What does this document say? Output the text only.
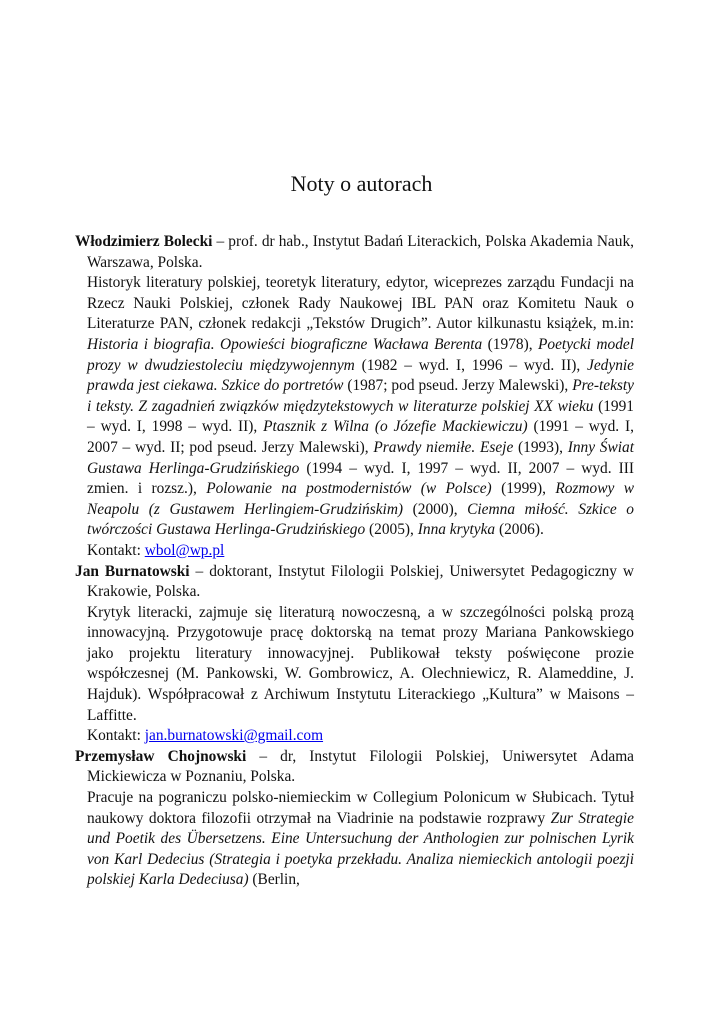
Noty o autorach

Włodzimierz Bolecki – prof. dr hab., Instytut Badań Literackich, Polska Akademia Nauk, Warszawa, Polska.

Historyk literatury polskiej, teoretyk literatury, edytor, wiceprezes zarządu Fundacji na Rzecz Nauki Polskiej, członek Rady Naukowej IBL PAN oraz Komitetu Nauk o Literaturze PAN, członek redakcji „Tekstów Drugich”. Autor kilkunastu książek, m.in: Historia i biografia. Opowieści biograficzne Wacława Berenta (1978), Poetycki model prozy w dwudziestoleciu międzywojennym (1982 – wyd. I, 1996 – wyd. II), Jedynie prawda jest ciekawa. Szkice do portretów (1987; pod pseud. Jerzy Malewski), Pre-teksty i teksty. Z zagadnień związków międzytekstowych w literaturze polskiej XX wieku (1991 – wyd. I, 1998 – wyd. II), Ptasznik z Wilna (o Józefie Mackiewiczu) (1991 – wyd. I, 2007 – wyd. II; pod pseud. Jerzy Malewski), Prawdy niemiłe. Eseje (1993), Inny Świat Gustawa Herlinga-Grudzińskiego (1994 – wyd. I, 1997 – wyd. II, 2007 – wyd. III zmien. i rozsz.), Polowanie na postmodernistów (w Polsce) (1999), Rozmowy w Neapolu (z Gustawem Herlingiem-Grudzińskim) (2000), Ciemna miłość. Szkice o twórczości Gustawa Herlinga-Grudzińskiego (2005), Inna krytyka (2006).

Kontakt: wbol@wp.pl

Jan Burnatowski – doktorant, Instytut Filologii Polskiej, Uniwersytet Pedagogiczny w Krakowie, Polska.

Krytyk literacki, zajmuje się literaturą nowoczesną, a w szczególności polską prozą innowacyjną. Przygotowuje pracę doktorską na temat prozy Mariana Pankowskiego jako projektu literatury innowacyjnej. Publikował teksty poświęcone prozie współczesnej (M. Pankowski, W. Gombrowicz, A. Olechniewicz, R. Alameddine, J. Hajduk). Współpracował z Archiwum Instytutu Literackiego „Kultura” w Maisons – Laffitte.

Kontakt: jan.burnatowski@gmail.com

Przemysław Chojnowski – dr, Instytut Filologii Polskiej, Uniwersytet Adama Mickiewicza w Poznaniu, Polska.

Pracuje na pograniczu polsko-niemieckim w Collegium Polonicum w Słubicach. Tytuł naukowy doktora filozofii otrzymał na Viadrinie na podstawie rozprawy Zur Strategie und Poetik des Übersetzens. Eine Untersuchung der Anthologien zur polnischen Lyrik von Karl Dedecius (Strategia i poetyka przekładu. Analiza niemieckich antologii poezji polskiej Karla Dedeciusa) (Berlin,
